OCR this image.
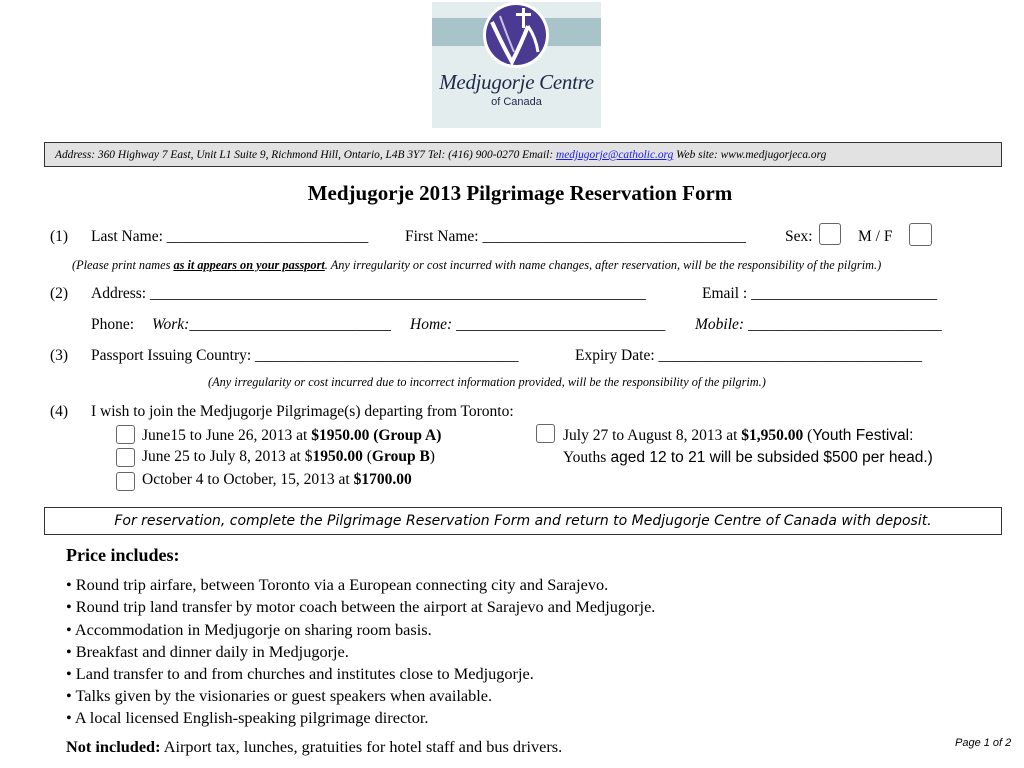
Medjugorje Centre
of Canada
Address: 360 Highway 7 East, Unit L1 Suite 9, Richmond Hill, Ontario, L4B 3Y7 Tel: (416) 900-0270 Email: medjugorje@catholic.org Web site: www.medjugorjeca.org
Medjugorje 2013 Pilgrimage Reservation Form
(1) Last Name: __________________________ First Name: __________________________________	Sex:	M / F
(Please print names as it appears on your passport. Any irregularity or cost incurred with name changes, after reservation, will be the responsibility of the pilgrim.)
(2) Address: ________________________________________________________________	Email : ________________________
Phone: Work:__________________________ Home: ___________________________ Mobile: _________________________
(3) Passport Issuing Country: __________________________________	Expiry Date: __________________________________
(Any irregularity or cost incurred due to incorrect information provided, will be the responsibility of the pilgrim.)
(4) I wish to join the Medjugorje Pilgrimage(s) departing from Toronto:
June15 to June 26, 2013 at $1950.00 (Group A)
June 25 to July 8, 2013 at $1950.00 (Group B)
October 4 to October, 15, 2013 at $1700.00
July 27 to August 8, 2013 at $1,950.00 (Youth Festival:
Youths aged 12 to 21 will be subsided $500 per head.)
For reservation, complete the Pilgrimage Reservation Form and return to Medjugorje Centre of Canada with deposit.
Price includes:
• Round trip airfare, between Toronto via a European connecting city and Sarajevo.
• Round trip land transfer by motor coach between the airport at Sarajevo and Medjugorje.
• Accommodation in Medjugorje on sharing room basis.
• Breakfast and dinner daily in Medjugorje.
• Land transfer to and from churches and institutes close to Medjugorje.
• Talks given by the visionaries or guest speakers when available.
• A local licensed English-speaking pilgrimage director.
Not included: Airport tax, lunches, gratuities for hotel staff and bus drivers.	Page 1 of 2
